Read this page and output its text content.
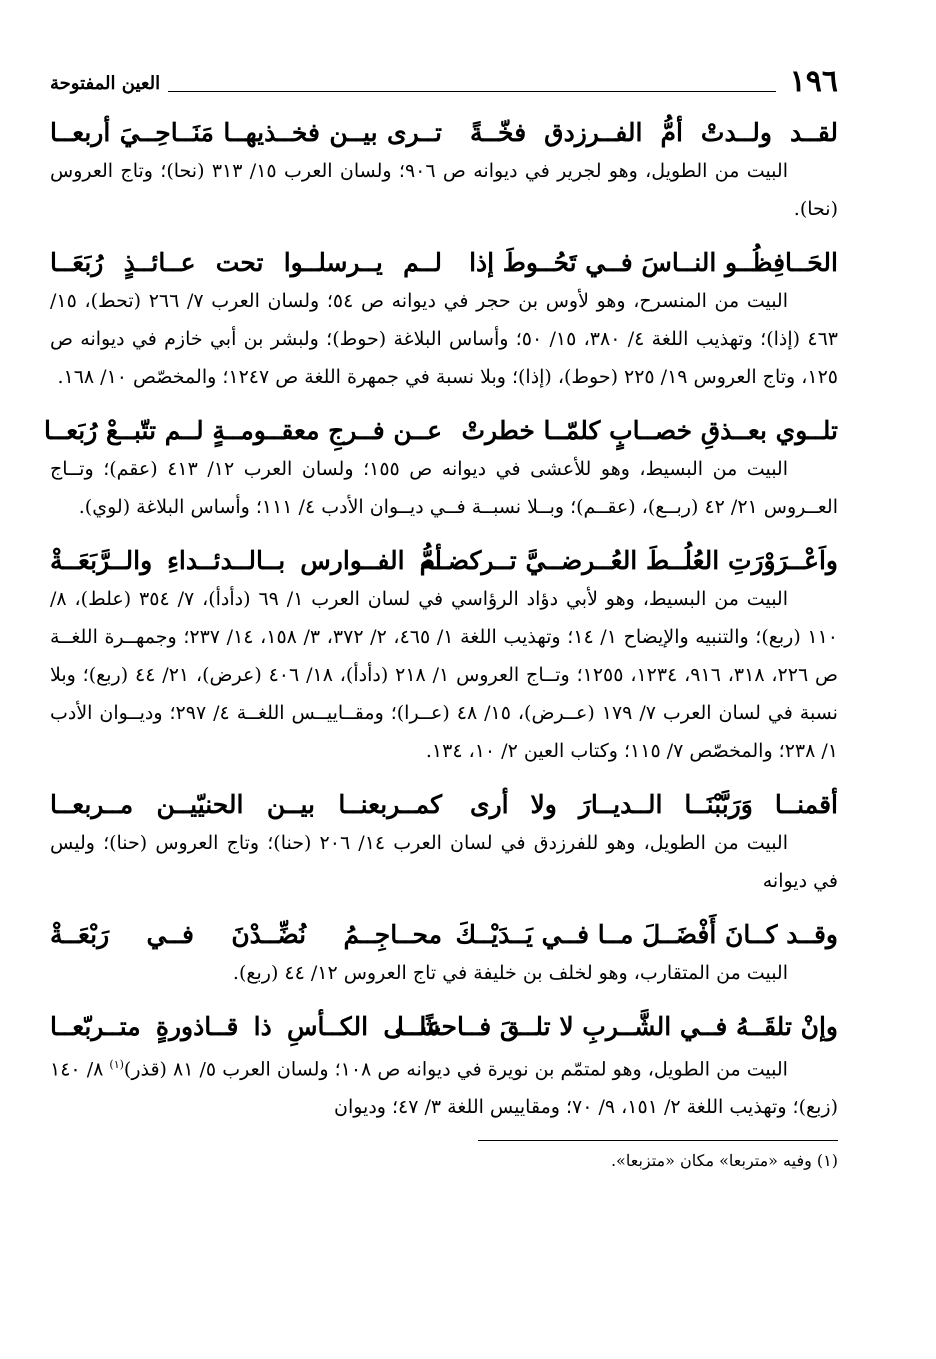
١٩٦
العين المفتوحة
لقــد ولــدتْ أمُّ الفــرزدق فخّــةً
تــرى بيــن فخــذيهــا مَنَــاحِــيَ أربعــا

البيت من الطويل، وهو لجرير في ديوانه ص ٩٠٦؛ ولسان العرب ١٥/ ٣١٣ (نحا)؛ وتاج العروس (نحا).

الحَــافِظُــو النــاسَ فــي تَحُــوطَ إذا
لــم يــرسلــوا تحت عــائــذٍ رُبَعَــا

البيت من المنسرح، وهو لأوس بن حجر في ديوانه ص ٥٤؛ ولسان العرب ٧/ ٢٦٦ (تحط)، ١٥/ ٤٦٣ (إذا)؛ وتهذيب اللغة ٤/ ٣٨٠، ١٥/ ٥٠؛ وأساس البلاغة (حوط)؛ ولبشر بن أبي خازم في ديوانه ص ١٢٥، وتاج العروس ١٩/ ٢٢٥ (حوط)، (إذا)؛ وبلا نسبة في جمهرة اللغة ص ١٢٤٧؛ والمخصّص ١٠/ ١٦٨.

تلــوي بعــذقِ خصــابٍ كلمّــا خطرتْ
عــن فــرجِ معقــومــةٍ لــم تتّبــعْ رُبَعــا

البيت من البسيط، وهو للأعشى في ديوانه ص ١٥٥؛ ولسان العرب ١٢/ ٤١٣ (عقم)؛ وتــاج العــروس ٢١/ ٤٢ (ربــع)، (عقــم)؛ وبــلا نسبــة فــي ديــوان الأدب ٤/ ١١١؛ وأساس البلاغة (لوي).

واَعْــرَوْرَتِ العُلُــطَ العُــرضــيَّ تــركضــه
أمُّ الفــوارس بــالــدئــداءِ والــرَّبَعَــةْ

البيت من البسيط، وهو لأبي دؤاد الرؤاسي في لسان العرب ١/ ٦٩ (دأدأ)، ٧/ ٣٥٤ (علط)، ٨/ ١١٠ (ربع)؛ والتنبيه والإيضاح ١/ ١٤؛ وتهذيب اللغة ١/ ٤٦٥، ٢/ ٣٧٢، ٣/ ١٥٨، ١٤/ ٢٣٧؛ وجمهــرة اللغــة ص ٢٢٦، ٣١٨، ٩١٦، ١٢٣٤، ١٢٥٥؛ وتــاج العروس ١/ ٢١٨ (دأدأ)، ١٨/ ٤٠٦ (عرض)، ٢١/ ٤٤ (ربع)؛ وبلا نسبة في لسان العرب ٧/ ١٧٩ (عــرض)، ١٥/ ٤٨ (عــرا)؛ ومقــاييــس اللغــة ٤/ ٢٩٧؛ وديــوان الأدب ١/ ٢٣٨؛ والمخصّص ٧/ ١١٥؛ وكتاب العين ٢/ ١٠، ١٣٤.

أقمنــا وَرَبَّبْنَــا الــديــارَ ولا أرى
كمــربعنــا بيــن الحنيّيــن مــربعــا

البيت من الطويل، وهو للفرزدق في لسان العرب ١٤/ ٢٠٦ (حنا)؛ وتاج العروس (حنا)؛ وليس في ديوانه

وقــد كــانَ أَفْضَــلَ مــا فــي يَــدَيْــكَ
محــاجِــمُ نُضِّــدْنَ فــي رَبْعَــةْ

البيت من المتقارب، وهو لخلف بن خليفة في تاج العروس ١٢/ ٤٤ (ربع).

وإنْ تلقَــهُ فــي الشَّــربِ لا تلــقَ فــاحشًــا
علــى الكــأسِ ذا قــاذورةٍ متــربّعــا

البيت من الطويل، وهو لمتمّم بن نويرة في ديوانه ص ١٠٨؛ ولسان العرب ٥/ ٨١ (قذر)$^{(١)}$ ٨/ ١٤٠ (زبع)؛ وتهذيب اللغة ٢/ ١٥١، ٩/ ٧٠؛ ومقاييس اللغة ٣/ ٤٧؛ وديوان

(١) وفيه «متربعا» مكان «متزبعا».
